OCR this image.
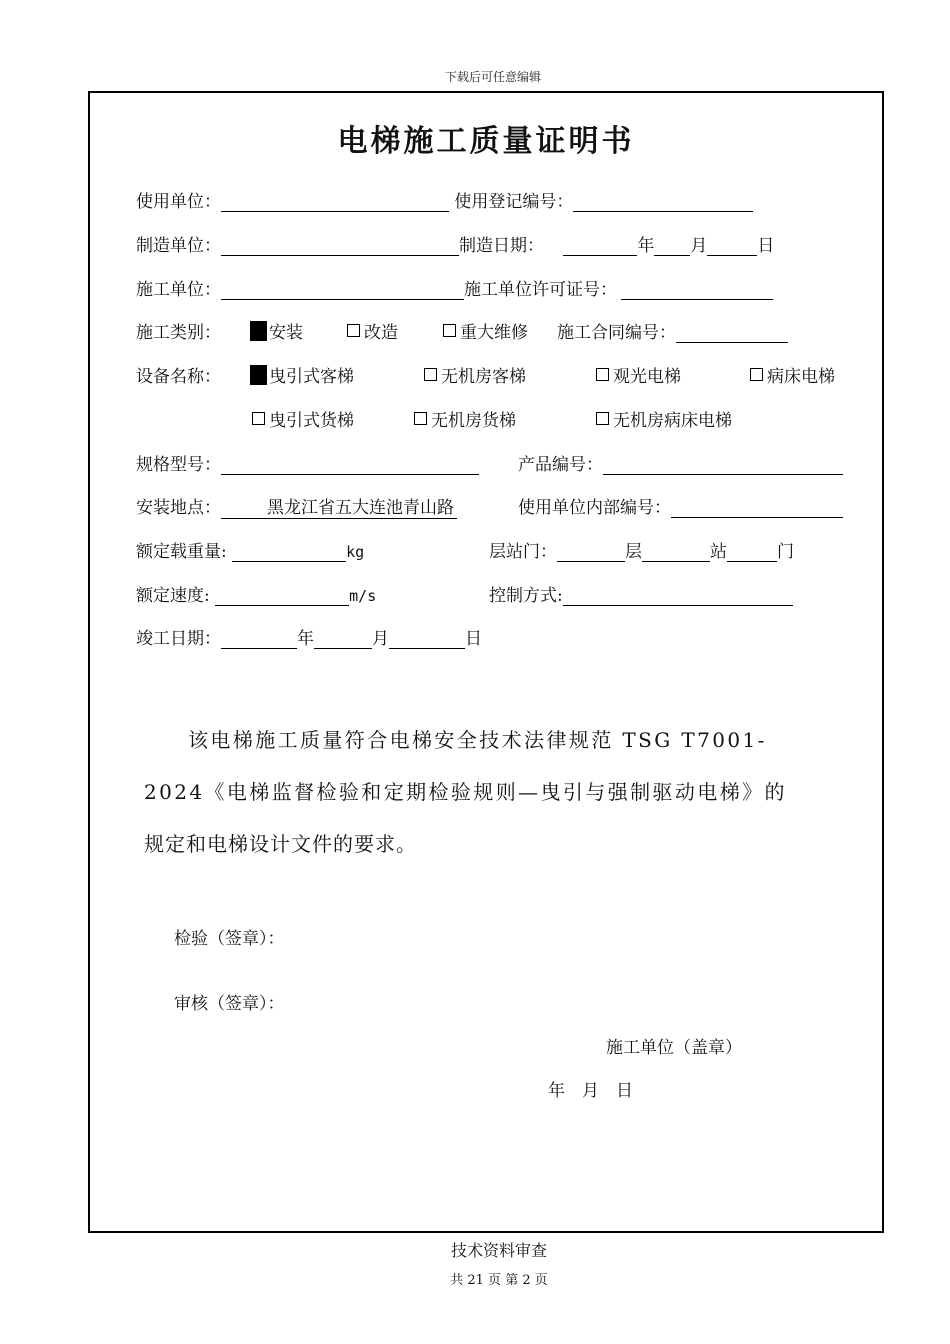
下载后可任意编辑
电梯施工质量证明书
使用单位：	使用登记编号：
制造单位：	制造日期：	年 月	日
施工单位：	施工单位许可证号：
施工类别：	安装	改造	重大维修 施工合同编号：
设备名称：	曳引式客梯	无机房客梯	观光电梯	病床电梯
曳引式货梯	无机房货梯	无机房病床电梯
规格型号：	产品编号：
安装地点：	黑龙江省五大连池青山路	使用单位内部编号：
额定载重量:	kg	层站门：	层	站	门
额定速度:	m/s	控制方式:
竣工日期：	年	月	日
该电梯施工质量符合电梯安全技术法律规范 TSG T7001-
2024《电梯监督检验和定期检验规则—曳引与强制驱动电梯》的
规定和电梯设计文件的要求。
检验（签章）：
审核（签章）：
施工单位（盖章）
年　月　日
技术资料审查
共 21 页 第 2 页
